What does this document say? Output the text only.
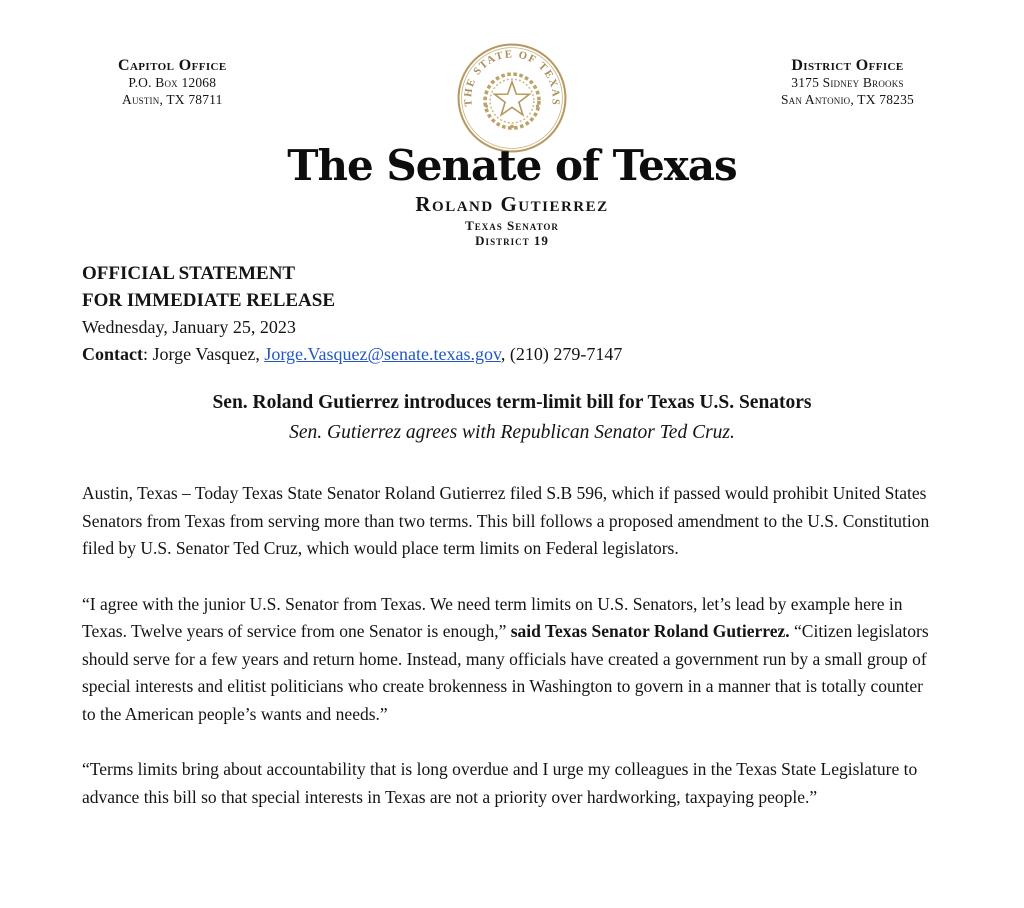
Capitol Office
P.O. Box 12068
Austin, TX 78711
District Office
3175 Sidney Brooks
San Antonio, TX 78235
THE STATE OF TEXAS
The Senate of Texas
Roland Gutierrez
Texas Senator
District 19
OFFICIAL STATEMENT
FOR IMMEDIATE RELEASE
Wednesday, January 25, 2023
Contact: Jorge Vasquez, Jorge.Vasquez@senate.texas.gov, (210) 279-7147
Sen. Roland Gutierrez introduces term-limit bill for Texas U.S. Senators
Sen. Gutierrez agrees with Republican Senator Ted Cruz.

Austin, Texas – Today Texas State Senator Roland Gutierrez filed S.B 596, which if passed would prohibit United States Senators from Texas from serving more than two terms. This bill follows a proposed amendment to the U.S. Constitution filed by U.S. Senator Ted Cruz, which would place term limits on Federal legislators.

“I agree with the junior U.S. Senator from Texas. We need term limits on U.S. Senators, let’s lead by example here in Texas. Twelve years of service from one Senator is enough,” said Texas Senator Roland Gutierrez. “Citizen legislators should serve for a few years and return home. Instead, many officials have created a government run by a small group of special interests and elitist politicians who create brokenness in Washington to govern in a manner that is totally counter to the American people’s wants and needs.”

“Terms limits bring about accountability that is long overdue and I urge my colleagues in the Texas State Legislature to advance this bill so that special interests in Texas are not a priority over hardworking, taxpaying people.”
